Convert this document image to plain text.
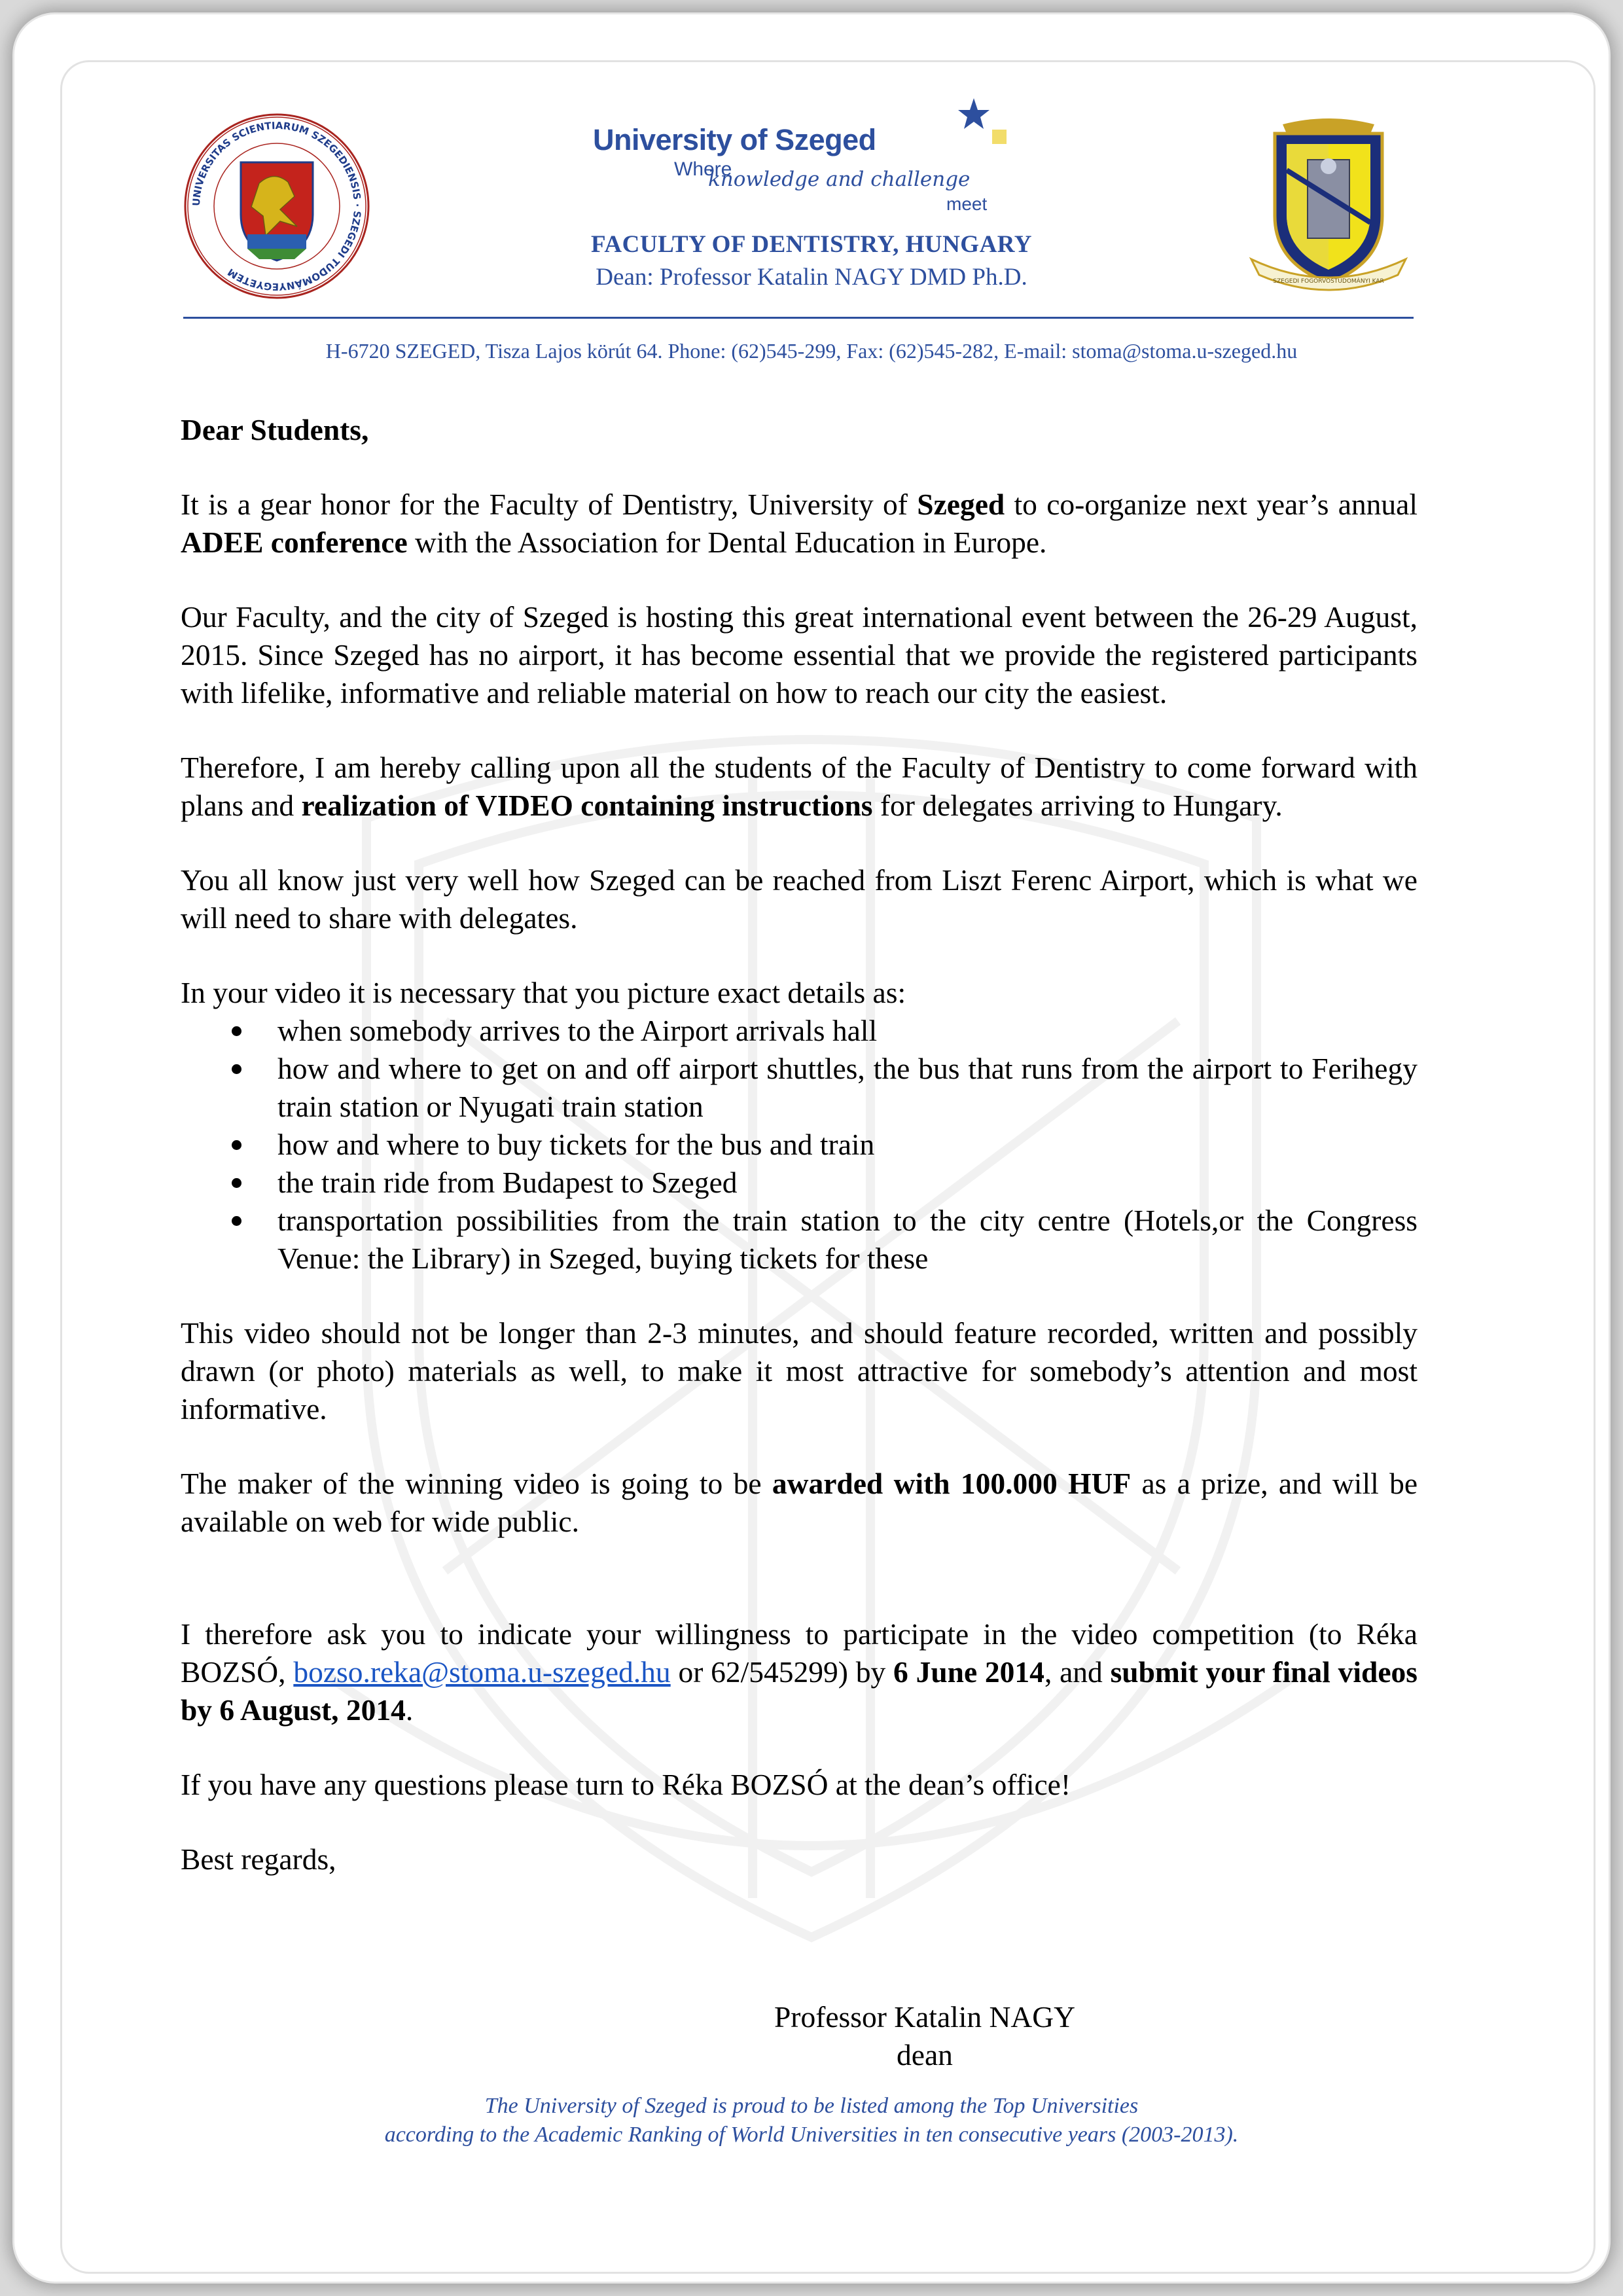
UNIVERSITAS SCIENTIARUM SZEGEDIENSIS · SZEGEDI TUDOMÁNYEGYETEM
SZEGEDI FOGORVOSTUDOMÁNYI KAR
University of Szeged
Where
knowledge and challenge
meet
FACULTY OF DENTISTRY, HUNGARY
Dean: Professor Katalin NAGY DMD Ph.D.
H-6720 SZEGED, Tisza Lajos körút 64. Phone: (62)545-299, Fax: (62)545-282, E-mail: stoma@stoma.u-szeged.hu

Dear Students,

It is a gear honor for the Faculty of Dentistry, University of Szeged to co-organize next year’s annual ADEE conference with the Association for Dental Education in Europe.

Our Faculty, and the city of Szeged is hosting this great international event between the 26-29 August, 2015. Since Szeged has no airport, it has become essential that we provide the registered participants with lifelike, informative and reliable material on how to reach our city the easiest.

Therefore, I am hereby calling upon all the students of the Faculty of Dentistry to come forward with plans and realization of VIDEO containing instructions for delegates arriving to Hungary.

You all know just very well how Szeged can be reached from Liszt Ferenc Airport, which is what we will need to share with delegates.

In your video it is necessary that you picture exact details as:

when somebody arrives to the Airport arrivals hall
how and where to get on and off airport shuttles, the bus that runs from the airport to Ferihegy train station or Nyugati train station
how and where to buy tickets for the bus and train
the train ride from Budapest to Szeged
transportation possibilities from the train station to the city centre (Hotels,or the Congress Venue: the Library) in Szeged, buying tickets for these

This video should not be longer than 2-3 minutes, and should feature recorded, written and possibly drawn (or photo) materials as well, to make it most attractive for somebody’s attention and most informative.

The maker of the winning video is going to be awarded with 100.000 HUF as a prize, and will be available on web for wide public.

I therefore ask you to indicate your willingness to participate in the video competition (to Réka BOZSÓ, bozso.reka@stoma.u-szeged.hu or 62/545299) by 6 June 2014, and submit your final videos by 6 August, 2014.

If you have any questions please turn to Réka BOZSÓ at the dean’s office!

Best regards,

Professor Katalin NAGY
dean
The University of Szeged is proud to be listed among the Top Universities
according to the Academic Ranking of World Universities in ten consecutive years (2003-2013).
